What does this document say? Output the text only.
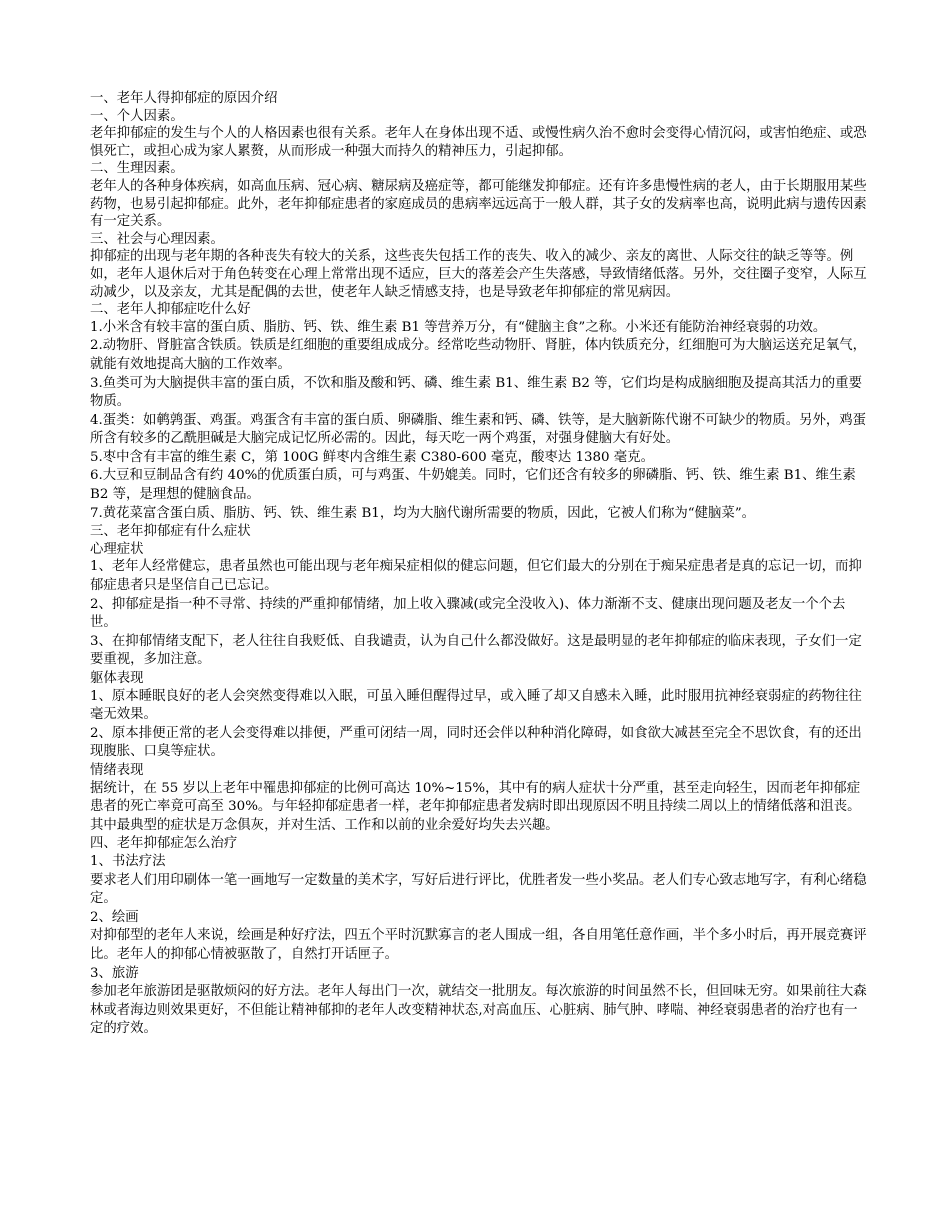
一、老年人得抑郁症的原因介绍

一、个人因素。

老年抑郁症的发生与个人的人格因素也很有关系。老年人在身体出现不适、或慢性病久治不愈时会变得心情沉闷，或害怕绝症、或恐惧死亡，或担心成为家人累赘，从而形成一种强大而持久的精神压力，引起抑郁。

二、生理因素。

老年人的各种身体疾病，如高血压病、冠心病、糖尿病及癌症等，都可能继发抑郁症。还有许多患慢性病的老人，由于长期服用某些药物，也易引起抑郁症。此外，老年抑郁症患者的家庭成员的患病率远远高于一般人群，其子女的发病率也高，说明此病与遗传因素有一定关系。

三、社会与心理因素。

抑郁症的出现与老年期的各种丧失有较大的关系，这些丧失包括工作的丧失、收入的减少、亲友的离世、人际交往的缺乏等等。例如，老年人退休后对于角色转变在心理上常常出现不适应，巨大的落差会产生失落感，导致情绪低落。另外，交往圈子变窄，人际互动减少，以及亲友，尤其是配偶的去世，使老年人缺乏情感支持，也是导致老年抑郁症的常见病因。

二、老年人抑郁症吃什么好

1.小米含有较丰富的蛋白质、脂肪、钙、铁、维生素 B1 等营养万分，有“健脑主食”之称。小米还有能防治神经衰弱的功效。

2.动物肝、肾脏富含铁质。铁质是红细胞的重要组成成分。经常吃些动物肝、肾脏，体内铁质充分，红细胞可为大脑运送充足氧气，就能有效地提高大脑的工作效率。

3.鱼类可为大脑提供丰富的蛋白质，不饮和脂及酸和钙、磷、维生素 B1、维生素 B2 等，它们均是构成脑细胞及提高其活力的重要物质。

4.蛋类：如鹌鹑蛋、鸡蛋。鸡蛋含有丰富的蛋白质、卵磷脂、维生素和钙、磷、铁等，是大脑新陈代谢不可缺少的物质。另外，鸡蛋所含有较多的乙酰胆碱是大脑完成记忆所必需的。因此，每天吃一两个鸡蛋，对强身健脑大有好处。

5.枣中含有丰富的维生素 C，第 100G 鲜枣内含维生素 C380-600 毫克，酸枣达 1380 毫克。

6.大豆和豆制品含有约 40%的优质蛋白质，可与鸡蛋、牛奶媲美。同时，它们还含有较多的卵磷脂、钙、铁、维生素 B1、维生素 B2 等，是理想的健脑食品。

7.黄花菜富含蛋白质、脂肪、钙、铁、维生素 B1，均为大脑代谢所需要的物质，因此，它被人们称为“健脑菜”。

三、老年抑郁症有什么症状

心理症状

1、老年人经常健忘，患者虽然也可能出现与老年痴呆症相似的健忘问题，但它们最大的分别在于痴呆症患者是真的忘记一切，而抑郁症患者只是坚信自己已忘记。

2、抑郁症是指一种不寻常、持续的严重抑郁情绪，加上收入骤减(或完全没收入)、体力渐渐不支、健康出现问题及老友一个个去世。

3、在抑郁情绪支配下，老人往往自我贬低、自我谴责，认为自己什么都没做好。这是最明显的老年抑郁症的临床表现，子女们一定要重视，多加注意。

躯体表现

1、原本睡眠良好的老人会突然变得难以入眠，可虽入睡但醒得过早，或入睡了却又自感未入睡，此时服用抗神经衰弱症的药物往往毫无效果。

2、原本排便正常的老人会变得难以排便，严重可闭结一周，同时还会伴以种种消化障碍，如食欲大减甚至完全不思饮食，有的还出现腹胀、口臭等症状。

情绪表现

据统计，在 55 岁以上老年中罹患抑郁症的比例可高达 10%~15%，其中有的病人症状十分严重，甚至走向轻生，因而老年抑郁症患者的死亡率竟可高至 30%。与年轻抑郁症患者一样，老年抑郁症患者发病时即出现原因不明且持续二周以上的情绪低落和沮丧。其中最典型的症状是万念俱灰，并对生活、工作和以前的业余爱好均失去兴趣。

四、老年抑郁症怎么治疗

1、书法疗法

要求老人们用印刷体一笔一画地写一定数量的美术字，写好后进行评比，优胜者发一些小奖品。老人们专心致志地写字，有利心绪稳定。

2、绘画

对抑郁型的老年人来说，绘画是种好疗法，四五个平时沉默寡言的老人围成一组，各自用笔任意作画，半个多小时后，再开展竞赛评比。老年人的抑郁心情被驱散了，自然打开话匣子。

3、旅游

参加老年旅游团是驱散烦闷的好方法。老年人每出门一次，就结交一批朋友。每次旅游的时间虽然不长，但回味无穷。如果前往大森林或者海边则效果更好，不但能让精神郁抑的老年人改变精神状态,对高血压、心脏病、肺气肿、哮喘、神经衰弱患者的治疗也有一定的疗效。
